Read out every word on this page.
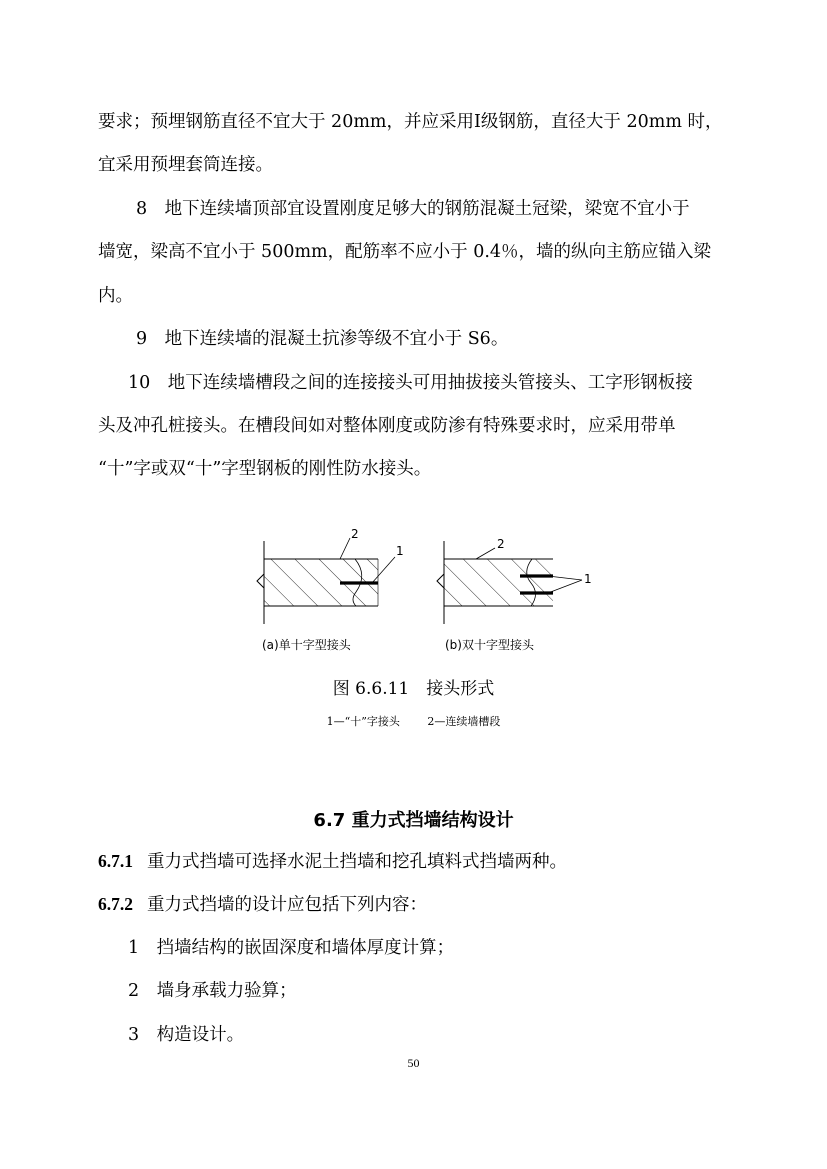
要求；预埋钢筋直径不宜大于 20mm，并应采用Ⅰ级钢筋，直径大于 20mm 时，
宜采用预埋套筒连接。
8　地下连续墙顶部宜设置刚度足够大的钢筋混凝土冠梁，梁宽不宜小于
墙宽，梁高不宜小于 500mm，配筋率不应小于 0.4％，墙的纵向主筋应锚入梁
内。
9　地下连续墙的混凝土抗渗等级不宜小于 S6。
10　地下连续墙槽段之间的连接接头可用抽拔接头管接头、工字形钢板接
头及冲孔桩接头。在槽段间如对整体刚度或防渗有特殊要求时，应采用带单
“十”字或双“十”字型钢板的刚性防水接头。
1
2
(a)单十字型接头
1
2
(b)双十字型接头
图 6.6.11　接头形式
1—“十”字接头	2—连续墙槽段
6.7 重力式挡墙结构设计
6.7.1 重力式挡墙可选择水泥土挡墙和挖孔填料式挡墙两种。
6.7.2 重力式挡墙的设计应包括下列内容：
1　挡墙结构的嵌固深度和墙体厚度计算；
2　墙身承载力验算；
3　构造设计。
50
